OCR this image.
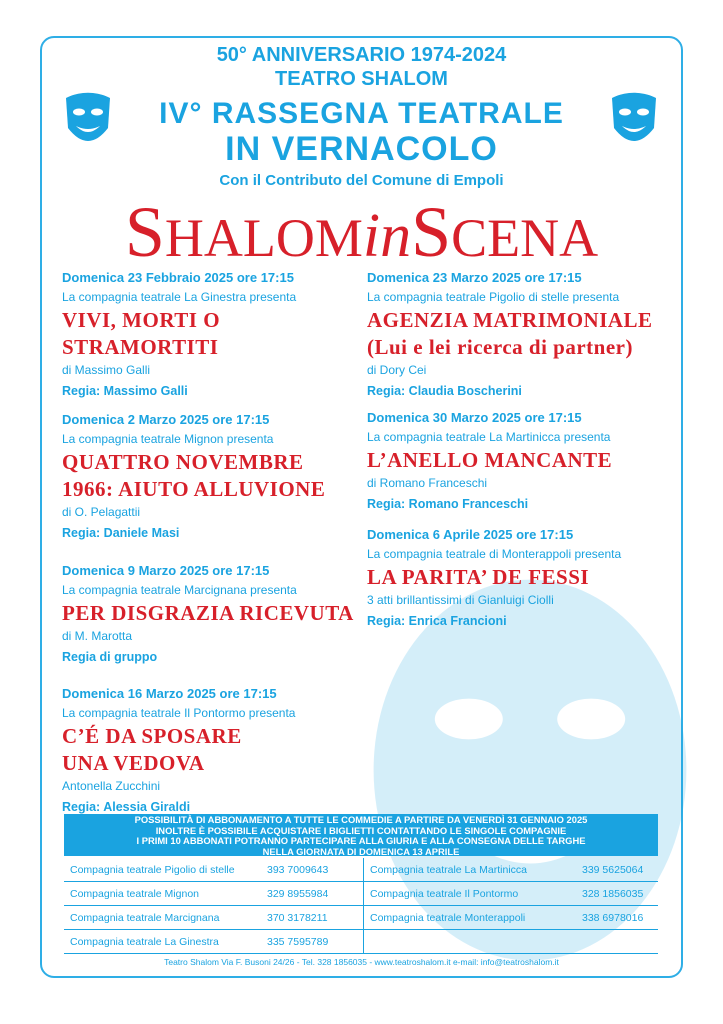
50° ANNIVERSARIO 1974-2024
TEATRO SHALOM
IV° RASSEGNA TEATRALE
IN VERNACOLO
Con il Contributo del Comune di Empoli
SHALOMinSCENA
Domenica 23 Febbraio 2025 ore 17:15
La compagnia teatrale La Ginestra presenta
VIVI, MORTI O
STRAMORTITI
di Massimo Galli
Regia: Massimo Galli
Domenica 2 Marzo 2025 ore 17:15
La compagnia teatrale Mignon presenta
QUATTRO NOVEMBRE
1966: AIUTO ALLUVIONE
di O. Pelagattii
Regia: Daniele Masi
Domenica 9 Marzo 2025 ore 17:15
La compagnia teatrale Marcignana presenta
PER DISGRAZIA RICEVUTA
di M. Marotta
Regia di gruppo
Domenica 16 Marzo 2025 ore 17:15
La compagnia teatrale Il Pontormo presenta
C’É DA SPOSARE
UNA VEDOVA
Antonella Zucchini
Regia: Alessia Giraldi
Domenica 23 Marzo 2025 ore 17:15
La compagnia teatrale Pigolio di stelle presenta
AGENZIA MATRIMONIALE
(Lui e lei ricerca di partner)
di Dory Cei
Regia: Claudia Boscherini
Domenica 30 Marzo 2025 ore 17:15
La compagnia teatrale La Martinicca presenta
L’ANELLO MANCANTE
di Romano Franceschi
Regia: Romano Franceschi
Domenica 6 Aprile 2025 ore 17:15
La compagnia teatrale di Monterappoli presenta
LA PARITA’ DE FESSI
3 atti brillantissimi di Gianluigi Ciolli
Regia: Enrica Francioni
POSSIBILITÀ DI ABBONAMENTO A TUTTE LE COMMEDIE A PARTIRE DA VENERDÌ 31 GENNAIO 2025
INOLTRE È POSSIBILE ACQUISTARE I BIGLIETTI CONTATTANDO LE SINGOLE COMPAGNIE
I PRIMI 10 ABBONATI POTRANNO PARTECIPARE ALLA GIURIA E ALLA CONSEGNA DELLE TARGHE
NELLA GIORNATA DI DOMENICA 13 APRILE
Compagnia teatrale Pigolio di stelle	393 7009643	Compagnia teatrale La Martinicca	339 5625064
Compagnia teatrale Mignon	329 8955984	Compagnia teatrale Il Pontormo	328 1856035
Compagnia teatrale Marcignana	370 3178211	Compagnia teatrale Monterappoli	338 6978016
Compagnia teatrale La Ginestra	335 7595789		
Teatro Shalom Via F. Busoni 24/26 - Tel. 328 1856035 - www.teatroshalom.it e-mail: info@teatroshalom.it
